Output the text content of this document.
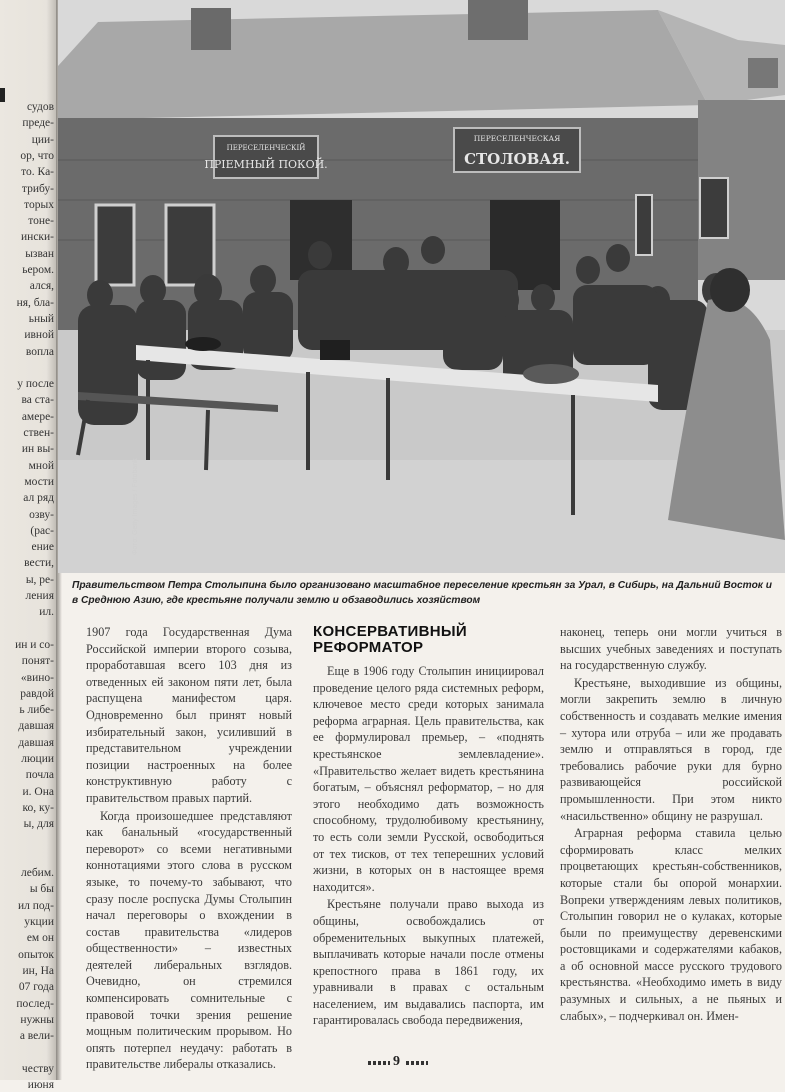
судов
преде-
ции-
ор, что
то. Ка-
трибу-
торых
тоне-
ински-
ызван
ьером.
ался,
ня, бла-
ьный
ивной
вопла
у после
ва ста-
амере-
ствен-
ин вы-
мной
мости
ал ряд
озву-
(рас-
ение
вести,
ы, ре-
ления
ил.
ин и со-
понят-
«вино-
равдой
ь либе-
давшая
давшая
люции
почла
и. Она
ко, ку-
ы, для
лебим.
ы бы
ил под-
укции
ем он
опыток
ин, На
07 года
послед-
нужны
а вели-
честву
июня
ПЕРЕСЕЛЕНЧЕСКІЙ
ПРІЕМНЫЙ ПОКОЙ.
ПЕРЕСЕЛЕНЧЕСКАЯ
СТОЛОВАЯ.
Фото: Getty Images / Fotobank
Правительством Петра Столыпина было организовано масштабное переселение крестьян за Урал, в Сибирь, на Дальний Восток и в Среднюю Азию, где крестьяне получали землю и обзаводились хозяйством

1907 года Государственная Дума Российской империи второго созыва, проработавшая всего 103 дня из отведенных ей законом пяти лет, была распущена манифестом царя. Одновременно был принят новый избирательный закон, усиливший в представительном учреждении позиции настроенных на более конструктивную работу с правительством правых партий.

Когда произошедшее представляют как банальный «государственный переворот» со всеми негативными коннотациями этого слова в русском языке, то почему-то забывают, что сразу после роспуска Думы Столыпин начал переговоры о вхождении в состав правительства «лидеров общественности» – известных деятелей либеральных взглядов. Очевидно, он стремился компенсировать сомнительные с правовой точки зрения решение мощным политическим прорывом. Но опять потерпел неудачу: работать в правительстве либералы отказались.

КОНСЕРВАТИВНЫЙ РЕФОРМАТОР

Еще в 1906 году Столыпин инициировал проведение целого ряда системных реформ, ключевое место среди которых занимала реформа аграрная. Цель правительства, как ее формулировал премьер, – «поднять крестьянское землевладение». «Правительство желает видеть крестьянина богатым, – объяснял реформатор, – но для этого необходимо дать возможность способному, трудолюбивому крестьянину, то есть соли земли Русской, освободиться от тех тисков, от тех теперешних условий жизни, в которых он в настоящее время находится».

Крестьяне получали право выхода из общины, освобождались от обременительных выкупных платежей, выплачивать которые начали после отмены крепостного права в 1861 году, их уравнивали в правах с остальным населением, им выдавались паспорта, им гарантировалась свобода передвижения,

наконец, теперь они могли учиться в высших учебных заведениях и поступать на государственную службу.

Крестьяне, выходившие из общины, могли закрепить землю в личную собственность и создавать мелкие имения – хутора или отруба – или же продавать землю и отправляться в город, где требовались рабочие руки для бурно развивающейся российской промышленности. При этом никто «насильственно» общину не разрушал.

Аграрная реформа ставила целью сформировать класс мелких процветающих крестьян-собственников, которые стали бы опорой монархии. Вопреки утверждениям левых политиков, Столыпин говорил не о кулаках, которые были по преимуществу деревенскими ростовщиками и содержателями кабаков, а об основной массе русского трудового крестьянства. «Необходимо иметь в виду разумных и сильных, а не пьяных и слабых», – подчеркивал он. Имен-

9
